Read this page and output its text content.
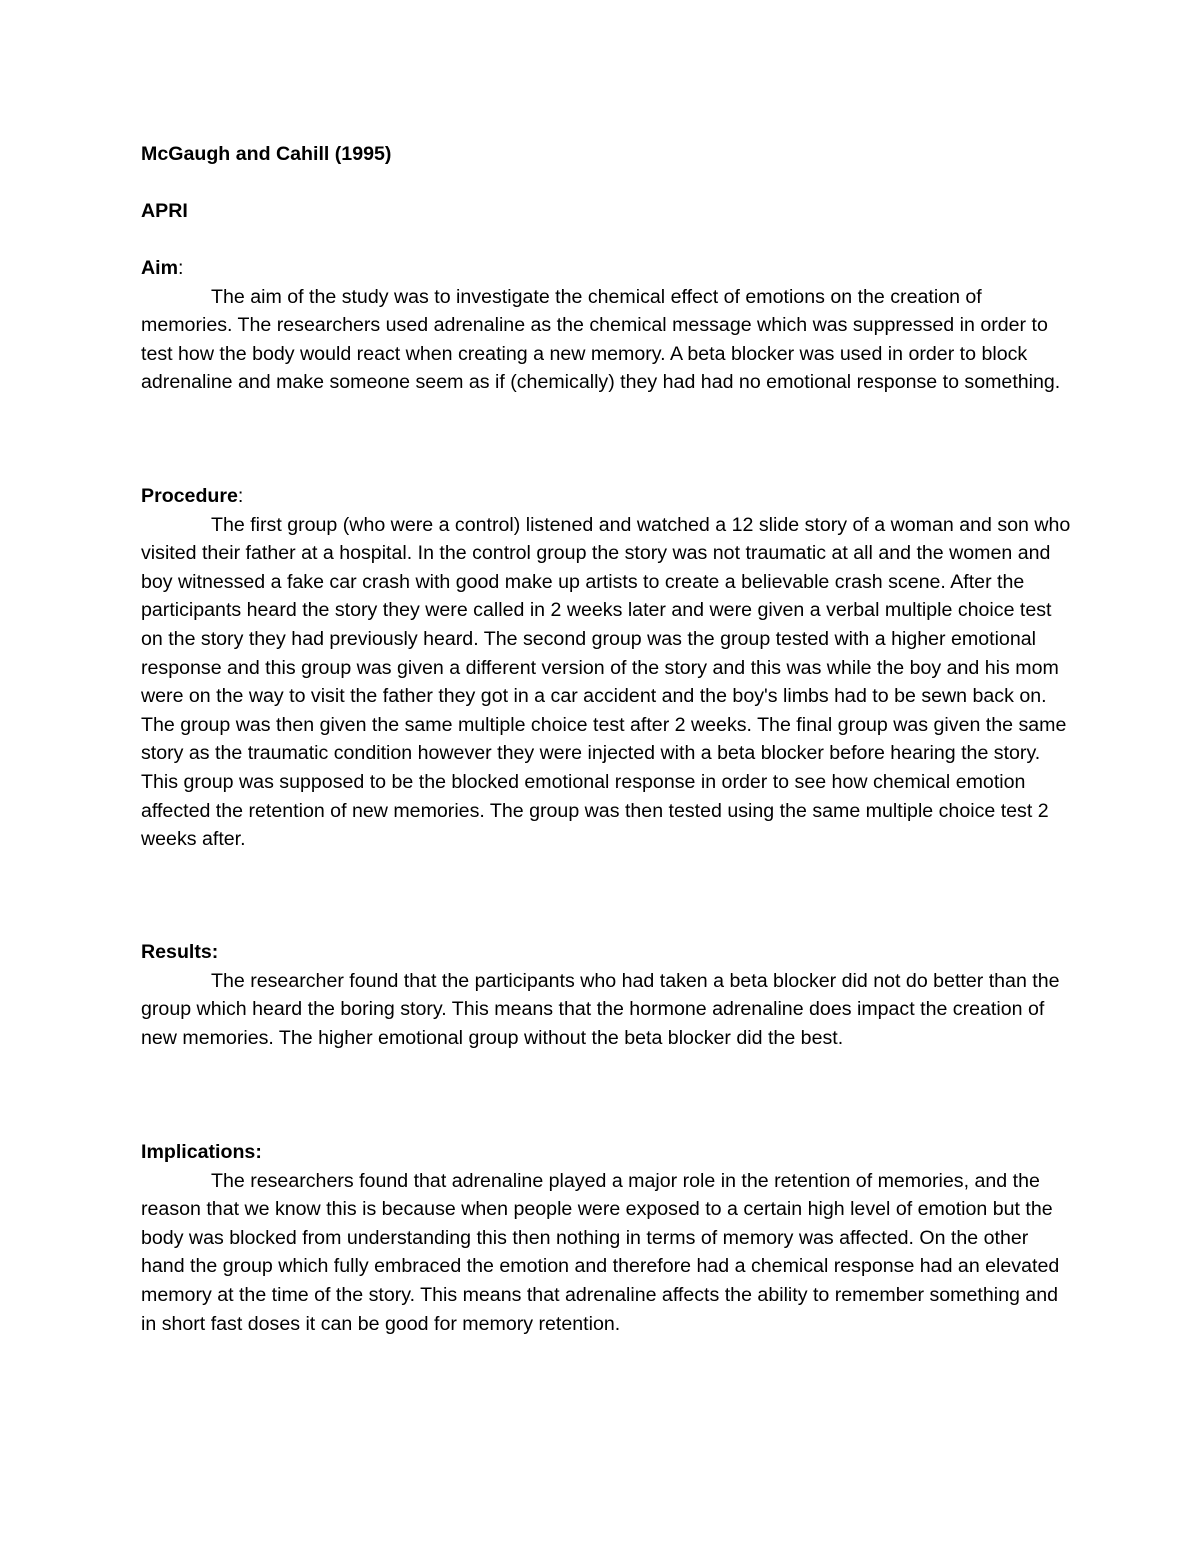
McGaugh and Cahill (1995)

APRI

Aim:

The aim of the study was to investigate the chemical effect of emotions on the creation of memories. The researchers used adrenaline as the chemical message which was suppressed in order to test how the body would react when creating a new memory. A beta blocker was used in order to block adrenaline and make someone seem as if (chemically) they had had no emotional response to something.

Procedure:

The first group (who were a control) listened and watched a 12 slide story of a woman and son who visited their father at a hospital. In the control group the story was not traumatic at all and the women and boy witnessed a fake car crash with good make up artists to create a believable crash scene. After the participants heard the story they were called in 2 weeks later and were given a verbal multiple choice test on the story they had previously heard. The second group was the group tested with a higher emotional response and this group was given a different version of the story and this was while the boy and his mom were on the way to visit the father they got in a car accident and the boy's limbs had to be sewn back on. The group was then given the same multiple choice test after 2 weeks. The final group was given the same story as the traumatic condition however they were injected with a beta blocker before hearing the story. This group was supposed to be the blocked emotional response in order to see how chemical emotion affected the retention of new memories. The group was then tested using the same multiple choice test 2 weeks after.

Results:

The researcher found that the participants who had taken a beta blocker did not do better than the group which heard the boring story. This means that the hormone adrenaline does impact the creation of new memories. The higher emotional group without the beta blocker did the best.

Implications:

The researchers found that adrenaline played a major role in the retention of memories, and the reason that we know this is because when people were exposed to a certain high level of emotion but the body was blocked from understanding this then nothing in terms of memory was affected. On the other hand the group which fully embraced the emotion and therefore had a chemical response had an elevated memory at the time of the story. This means that adrenaline affects the ability to remember something and in short fast doses it can be good for memory retention.
